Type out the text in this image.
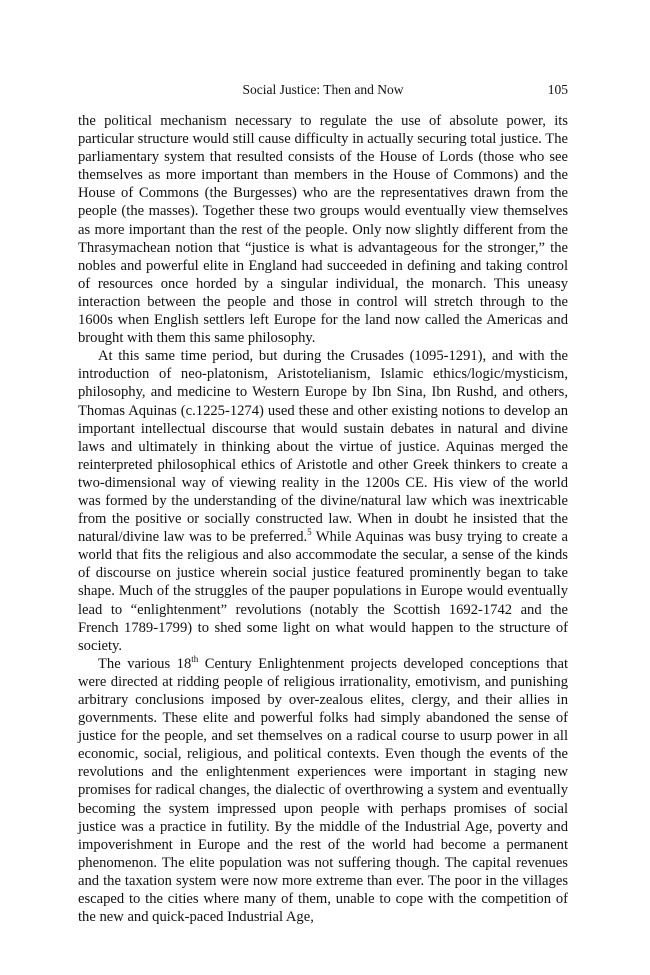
Social Justice: Then and Now	105

the political mechanism necessary to regulate the use of absolute power, its particular structure would still cause difficulty in actually securing total justice. The parliamentary system that resulted consists of the House of Lords (those who see themselves as more important than members in the House of Commons) and the House of Commons (the Burgesses) who are the representatives drawn from the people (the masses). Together these two groups would eventually view themselves as more important than the rest of the people. Only now slightly different from the Thrasymachean notion that “justice is what is advantageous for the stronger,” the nobles and powerful elite in England had succeeded in defining and taking control of resources once horded by a singular individual, the monarch. This uneasy interaction between the people and those in control will stretch through to the 1600s when English settlers left Europe for the land now called the Americas and brought with them this same philosophy.

At this same time period, but during the Crusades (1095-1291), and with the introduction of neo-platonism, Aristotelianism, Islamic ethics/logic/mysticism, philosophy, and medicine to Western Europe by Ibn Sina, Ibn Rushd, and others, Thomas Aquinas (c.1225-1274) used these and other existing notions to develop an important intellectual discourse that would sustain debates in natural and divine laws and ultimately in thinking about the virtue of justice. Aquinas merged the reinterpreted philosophical ethics of Aristotle and other Greek thinkers to create a two-dimensional way of viewing reality in the 1200s CE. His view of the world was formed by the understanding of the divine/natural law which was inextricable from the positive or socially constructed law. When in doubt he insisted that the natural/divine law was to be preferred.$^5$ While Aquinas was busy trying to create a world that fits the religious and also accommodate the secular, a sense of the kinds of discourse on justice wherein social justice featured prominently began to take shape. Much of the struggles of the pauper populations in Europe would eventually lead to “enlightenment” revolutions (notably the Scottish 1692-1742 and the French 1789-1799) to shed some light on what would happen to the structure of society.

The various 18th Century Enlightenment projects developed conceptions that were directed at ridding people of religious irrationality, emotivism, and punishing arbitrary conclusions imposed by over-zealous elites, clergy, and their allies in governments. These elite and powerful folks had simply abandoned the sense of justice for the people, and set themselves on a radical course to usurp power in all economic, social, religious, and political contexts. Even though the events of the revolutions and the enlightenment experiences were important in staging new promises for radical changes, the dialectic of overthrowing a system and eventually becoming the system impressed upon people with perhaps promises of social justice was a practice in futility. By the middle of the Industrial Age, poverty and impoverishment in Europe and the rest of the world had become a permanent phenomenon. The elite population was not suffering though. The capital revenues and the taxation system were now more extreme than ever. The poor in the villages escaped to the cities where many of them, unable to cope with the competition of the new and quick-paced Industrial Age,
